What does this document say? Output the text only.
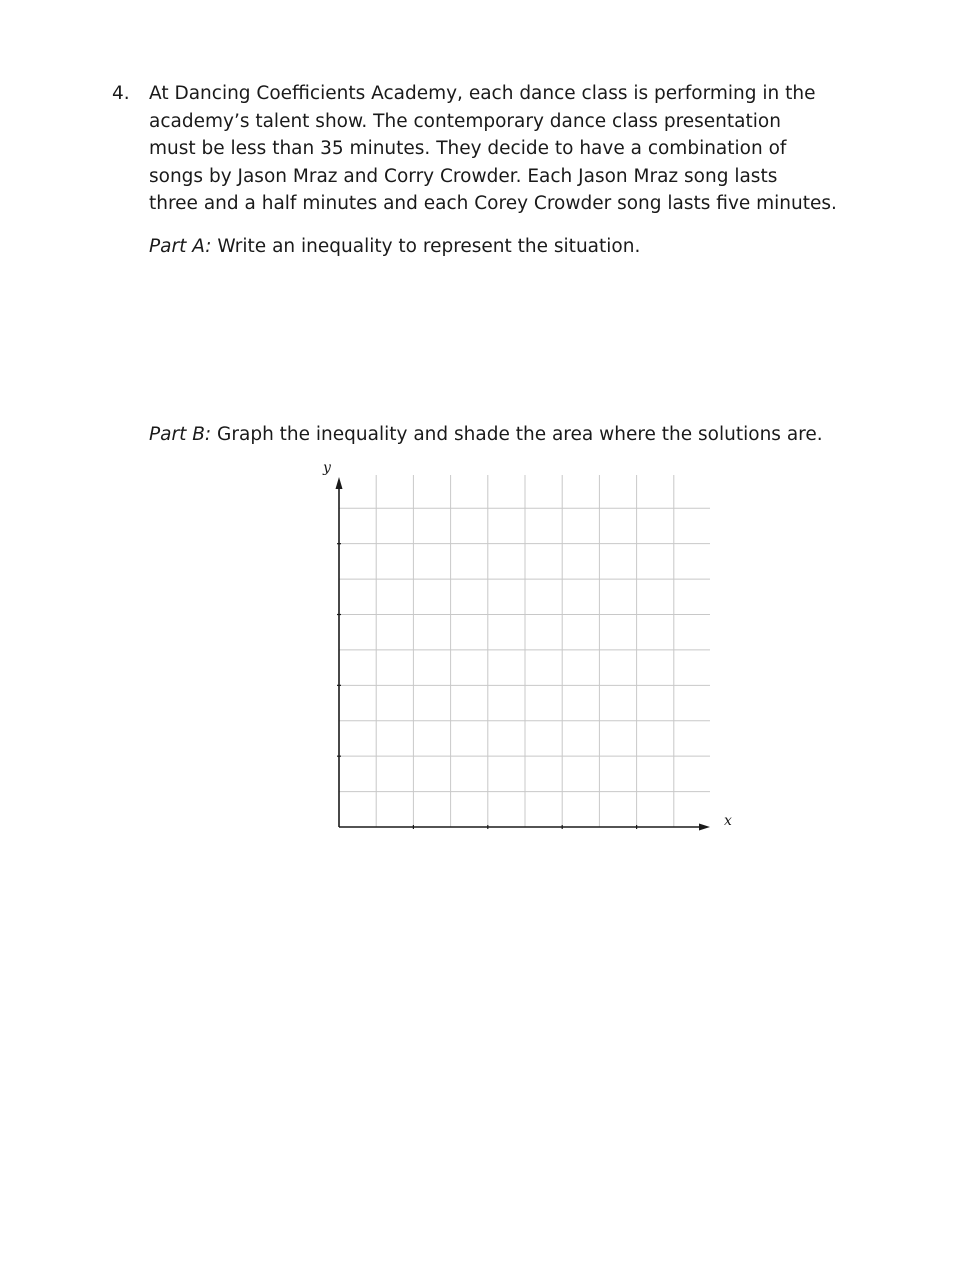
4. At Dancing Coefficients Academy, each dance class is performing in the
academy’s talent show. The contemporary dance class presentation
must be less than 35 minutes. They decide to have a combination of
songs by Jason Mraz and Corry Crowder. Each Jason Mraz song lasts
three and a half minutes and each Corey Crowder song lasts five minutes.
Part A: Write an inequality to represent the situation.
Part B: Graph the inequality and shade the area where the solutions are.
x
y
